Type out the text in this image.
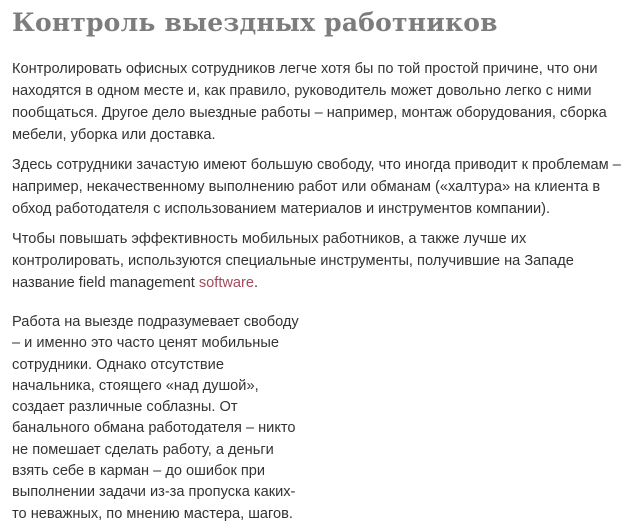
Контроль выездных работников

Контролировать офисных сотрудников легче хотя бы по той простой причине, что они находятся в одном месте и, как правило, руководитель может довольно легко с ними пообщаться. Другое дело выездные работы – например, монтаж оборудования, сборка мебели, уборка или доставка.

Здесь сотрудники зачастую имеют большую свободу, что иногда приводит к проблемам – например, некачественному выполнению работ или обманам («халтура» на клиента в обход работодателя с использованием материалов и инструментов компании).

Чтобы повышать эффективность мобильных работников, а также лучше их контролировать, используются специальные инструменты, получившие на Западе название field management software.

Работа на выезде подразумевает свободу – и именно это часто ценят мобильные сотрудники. Однако отсутствие начальника, стоящего «над душой», создает различные соблазны. От банального обмана работодателя – никто не помешает сделать работу, а деньги взять себе в карман – до ошибок при выполнении задачи из-за пропуска каких-то неважных, по мнению мастера, шагов.
